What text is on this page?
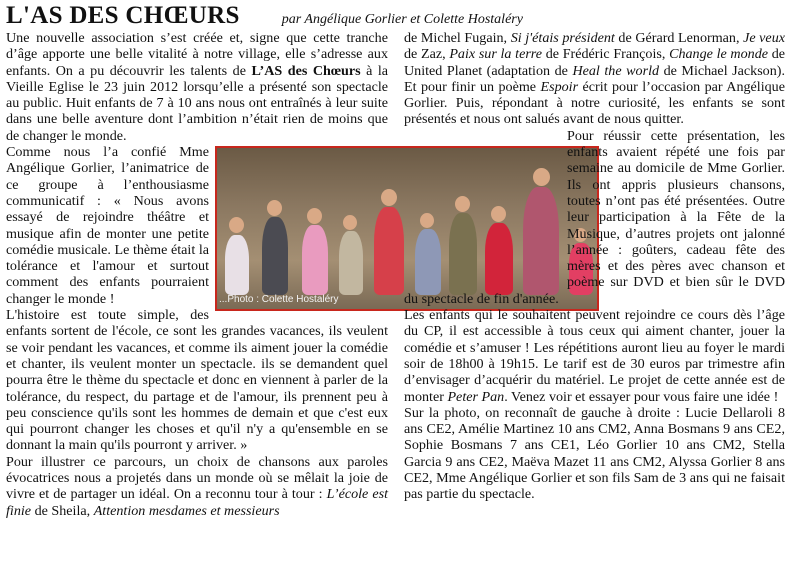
L'AS DES CHŒURS	par Angélique Gorlier et Colette Hostaléry

Une nouvelle association s’est créée et, signe que cette tranche d’âge apporte une belle vitalité à notre village, elle s’adresse aux enfants. On a pu découvrir les talents de L’AS des Chœurs à la Vieille Eglise le 23 juin 2012 lorsqu’elle a présenté son spectacle au public. Huit enfants de 7 à 10 ans nous ont entraînés à leur suite dans une belle aventure dont l’ambition n’était rien de moins que de changer le monde.

...Photo : Colette Hostaléry
Comme nous l’a confié Mme Angélique Gorlier, l’animatrice de ce groupe à l’enthousiasme communicatif : « Nous avons essayé de rejoindre théâtre et musique afin de monter une petite comédie musicale. Le thème était la tolérance et l'amour et surtout comment des enfants pourraient changer le monde !

L'histoire est toute simple, des enfants sortent de l'école, ce sont les grandes vacances, ils veulent se voir pendant les vacances, et comme ils aiment jouer la comédie et chanter, ils veulent monter un spectacle. ils se demandent quel pourra être le thème du spectacle et donc en viennent à parler de la tolérance, du respect, du partage et de l'amour, ils prennent peu à peu conscience qu'ils sont les hommes de demain et que c'est eux qui pourront changer les choses et qu'il n'y a qu'ensemble en se donnant la main qu'ils pourront y arriver. »

Pour illustrer ce parcours, un choix de chansons aux paroles évocatrices nous a projetés dans un monde où se mêlait la joie de vivre et de partager un idéal. On a reconnu tour à tour : L’école est finie de Sheila, Attention mesdames et messieurs

de Michel Fugain, Si j'étais président de Gérard Lenorman, Je veux de Zaz, Paix sur la terre de Frédéric François, Change le monde de United Planet (adaptation de Heal the world de Michael Jackson). Et pour finir un poème Espoir écrit pour l’occasion par Angélique Gorlier. Puis, répondant à notre curiosité, les enfants se sont présentés et nous ont salués avant de nous quitter.

Pour réussir cette présentation, les enfants avaient répété une fois par semaine au domicile de Mme Gorlier. Ils ont appris plusieurs chansons, toutes n’ont pas été présentées. Outre leur participation à la Fête de la Musique, d’autres projets ont jalonné l’année : goûters, cadeau fête des mères et des pères avec chanson et poème sur DVD et bien sûr le DVD du spectacle de fin d'année.

Les enfants qui le souhaitent peuvent rejoindre ce cours dès l’âge du CP, il est accessible à tous ceux qui aiment chanter, jouer la comédie et s’amuser ! Les répétitions auront lieu au foyer le mardi soir de 18h00 à 19h15. Le tarif est de 30 euros par trimestre afin d’envisager d’acquérir du matériel. Le projet de cette année est de monter Peter Pan. Venez voir et essayer pour vous faire une idée !

Sur la photo, on reconnaît de gauche à droite : Lucie Dellaroli 8 ans CE2, Amélie Martinez 10 ans CM2, Anna Bosmans 9 ans CE2, Sophie Bosmans 7 ans CE1, Léo Gorlier 10 ans CM2, Stella Garcia 9 ans CE2, Maëva Mazet 11 ans CM2, Alyssa Gorlier 8 ans CE2, Mme Angélique Gorlier et son fils Sam de 3 ans qui ne faisait pas partie du spectacle.
